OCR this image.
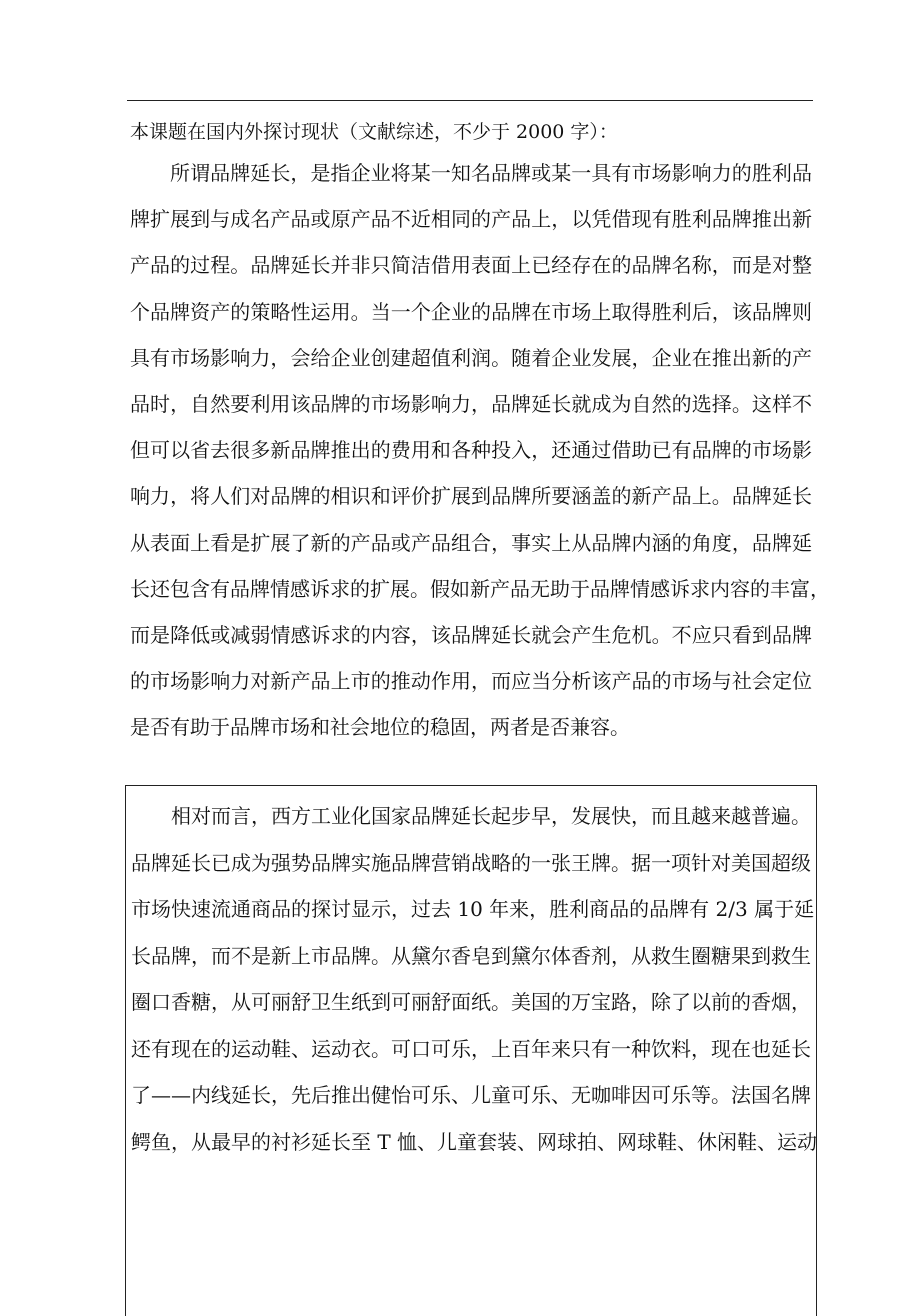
本课题在国内外探讨现状（文献综述，不少于 2000 字）：
所谓品牌延长，是指企业将某一知名品牌或某一具有市场影响力的胜利品
牌扩展到与成名产品或原产品不近相同的产品上，以凭借现有胜利品牌推出新
产品的过程。品牌延长并非只简洁借用表面上已经存在的品牌名称，而是对整
个品牌资产的策略性运用。当一个企业的品牌在市场上取得胜利后，该品牌则
具有市场影响力，会给企业创建超值利润。随着企业发展，企业在推出新的产
品时，自然要利用该品牌的市场影响力，品牌延长就成为自然的选择。这样不
但可以省去很多新品牌推出的费用和各种投入，还通过借助已有品牌的市场影
响力，将人们对品牌的相识和评价扩展到品牌所要涵盖的新产品上。品牌延长
从表面上看是扩展了新的产品或产品组合，事实上从品牌内涵的角度，品牌延
长还包含有品牌情感诉求的扩展。假如新产品无助于品牌情感诉求内容的丰富，
而是降低或减弱情感诉求的内容，该品牌延长就会产生危机。不应只看到品牌
的市场影响力对新产品上市的推动作用，而应当分析该产品的市场与社会定位
是否有助于品牌市场和社会地位的稳固，两者是否兼容。
相对而言，西方工业化国家品牌延长起步早，发展快，而且越来越普遍。
品牌延长已成为强势品牌实施品牌营销战略的一张王牌。据一项针对美国超级
市场快速流通商品的探讨显示，过去 10 年来，胜利商品的品牌有 2/3 属于延
长品牌，而不是新上市品牌。从黛尔香皂到黛尔体香剂，从救生圈糖果到救生
圈口香糖，从可丽舒卫生纸到可丽舒面纸。美国的万宝路，除了以前的香烟，
还有现在的运动鞋、运动衣。可口可乐，上百年来只有一种饮料，现在也延长
了——内线延长，先后推出健怡可乐、儿童可乐、无咖啡因可乐等。法国名牌
鳄鱼，从最早的衬衫延长至 T 恤、儿童套装、网球拍、网球鞋、休闲鞋、运动
